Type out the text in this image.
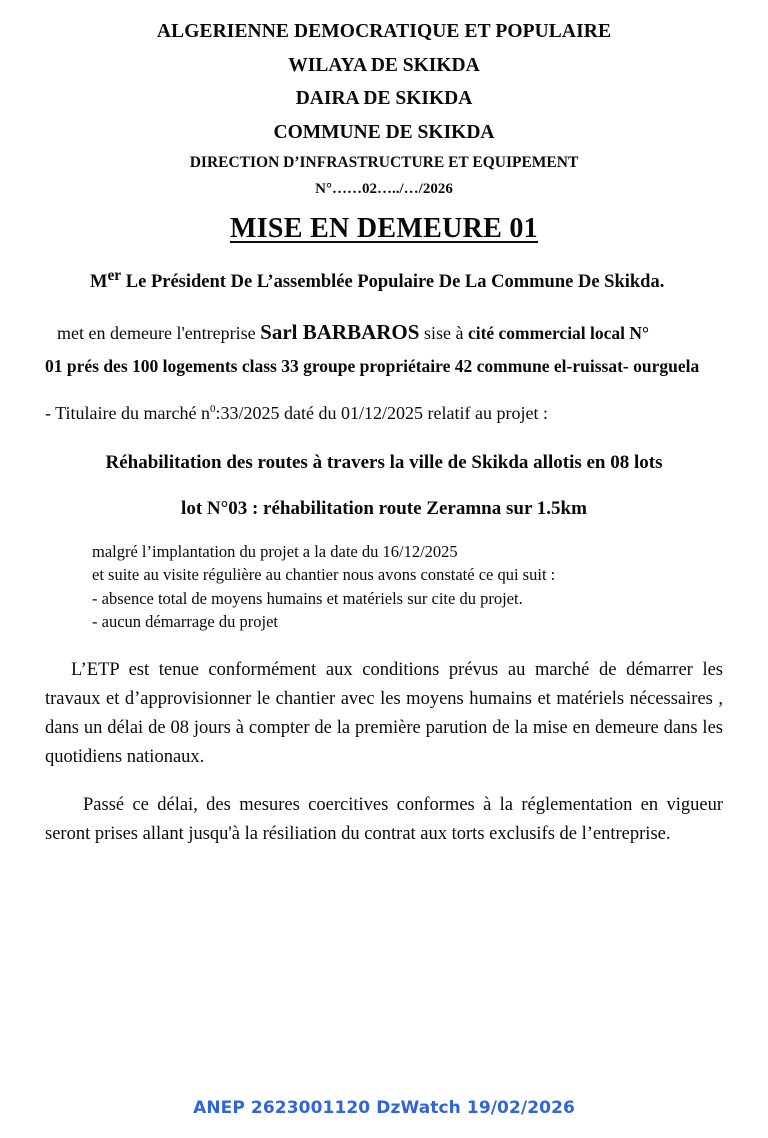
ALGERIENNE DEMOCRATIQUE ET POPULAIRE
WILAYA DE SKIKDA
DAIRA DE SKIKDA
COMMUNE DE SKIKDA
DIRECTION D’INFRASTRUCTURE ET EQUIPEMENT
N°……02…../…/2026
MISE EN DEMEURE 01

Mer Le Président De L’assemblée Populaire De La Commune De Skikda.

met en demeure l'entreprise Sarl BARBAROS sise à cité commercial local N°
01 prés des 100 logements class 33 groupe propriétaire 42 commune el-ruissat- ourguela

- Titulaire du marché $n^0:33/2025$ daté du 01/12/2025 relatif au projet :

Réhabilitation des routes à travers la ville de Skikda allotis en 08 lots
lot N°03 : réhabilitation route Zeramna sur 1.5km
malgré l’implantation du projet a la date du 16/12/2025
et suite au visite régulière au chantier nous avons constaté ce qui suit :
- absence total de moyens humains et matériels sur cite du projet.
- aucun démarrage du projet

L’ETP est tenue conformément aux conditions prévus au marché de démarrer les travaux et d’approvisionner le chantier avec les moyens humains et matériels nécessaires , dans un délai de 08 jours à compter de la première parution de la mise en demeure dans les quotidiens nationaux.

Passé ce délai, des mesures coercitives conformes à la réglementation en vigueur seront prises allant jusqu'à la résiliation du contrat aux torts exclusifs de l’entreprise.

ANEP 2623001120 DzWatch 19/02/2026
